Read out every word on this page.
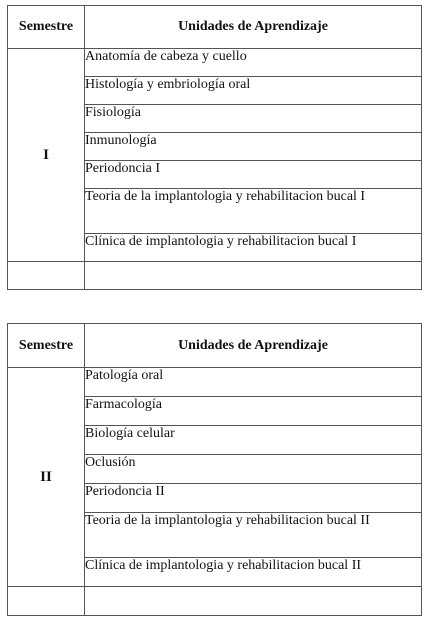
Semestre	Unidades de Aprendizaje
I	Anatomía de cabeza y cuello
	Histología y embriología oral
	Fisiología
	Inmunología
	Periodoncia I
	Teoria de la implantologia y rehabilitacion bucal I
	Clínica de implantologia y rehabilitacion bucal I

Semestre	Unidades de Aprendizaje
II	Patología oral
	Farmacología
	Biología celular
	Oclusión
	Periodoncia II
	Teoria de la implantologia y rehabilitacion bucal II
	Clínica de implantologia y rehabilitacion bucal II
